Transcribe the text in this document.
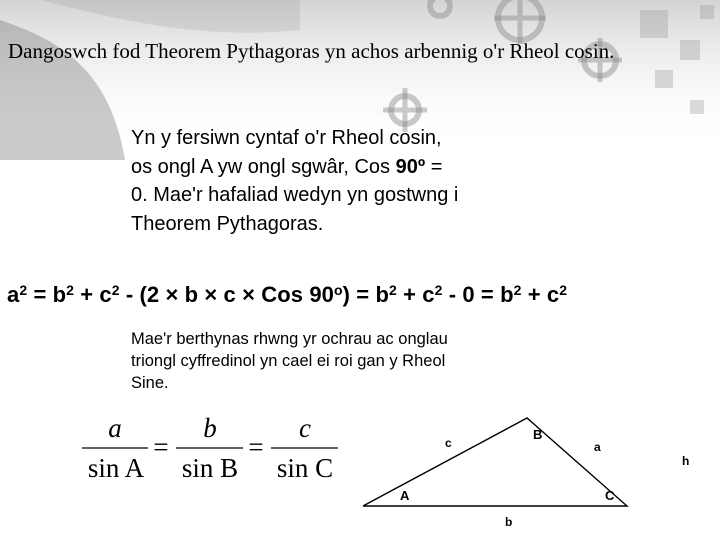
Dangoswch fod Theorem Pythagoras yn achos arbennig o'r Rheol cosin.
Yn y fersiwn cyntaf o'r Rheol cosin, os ongl A yw ongl sgwâr, Cos 90º = 0. Mae'r hafaliad wedyn yn gostwng i Theorem Pythagoras.
$a^2 = b^2 + c^2 - (2 \times b \times c$ × Cos $90^o) = b^2 + c^2 - 0 = b^2 + c^2$
Mae'r berthynas rhwng yr ochrau ac onglau triongl cyffredinol yn cael ei roi gan y Rheol Sine.
a	b	c
sin A sin B sin C
=	=	B
A	C
c	a
b
h
